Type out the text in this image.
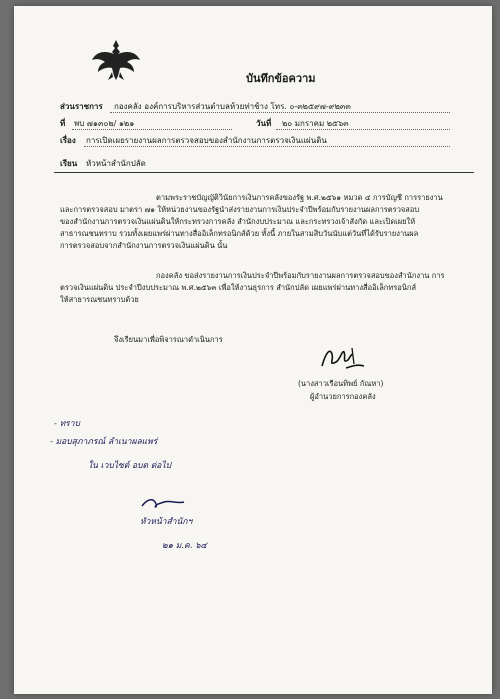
บันทึกข้อความ
ส่วนราชการ กองคลัง องค์การบริหารส่วนตำบลห้วยท่าช้าง โทร. ๐-๓๒๕๙๗-๙๒๓๓
ที่ พบ ๗๑๓๐๒/ ๑๒๑	วันที่ ๒๐ มกราคม ๒๕๖๓
เรื่อง การเปิดเผยรายงานผลการตรวจสอบของสำนักงานการตรวจเงินแผ่นดิน
เรียน หัวหน้าสำนักปลัด
ตามพระราชบัญญัติวินัยการเงินการคลังของรัฐ พ.ศ.๒๕๖๑ หมวด ๔ การบัญชี การรายงาน
และการตรวจสอบ มาตรา ๗๑ ให้หน่วยงานของรัฐนำส่งรายงานการเงินประจำปีพร้อมกับรายงานผลการตรวจสอบ
ของสำนักงานการตรวจเงินแผ่นดินให้กระทรวงการคลัง สำนักงบประมาณ และกระทรวงเจ้าสังกัด และเปิดเผยให้
สาธารณชนทราบ รวมทั้งเผยแพร่ผ่านทางสื่ออิเล็กทรอนิกส์ด้วย ทั้งนี้ ภายในสามสิบวันนับแต่วันที่ได้รับรายงานผล
การตรวจสอบจากสำนักงานการตรวจเงินแผ่นดิน นั้น
กองคลัง ขอส่งรายงานการเงินประจำปีพร้อมกับรายงานผลการตรวจสอบของสำนักงาน การ
ตรวจเงินแผ่นดิน ประจำปีงบประมาณ พ.ศ.๒๕๖๓ เพื่อให้งานธุรการ สำนักปลัด เผยแพร่ผ่านทางสื่ออิเล็กทรอนิกส์
ให้สาธารณชนทราบด้วย
จึงเรียนมาเพื่อพิจารณาดำเนินการ
(นางสาวเรือนทิพย์ กัณหา)
ผู้อำนวยการกองคลัง
- ทราบ
- มอบสุภาภรณ์ ลำเนาผลแพร่
ใน เวบไซต์ อบต ต่อไป
หัวหน้าสำนักฯ
๒๑ ม.ค. ๖๔
